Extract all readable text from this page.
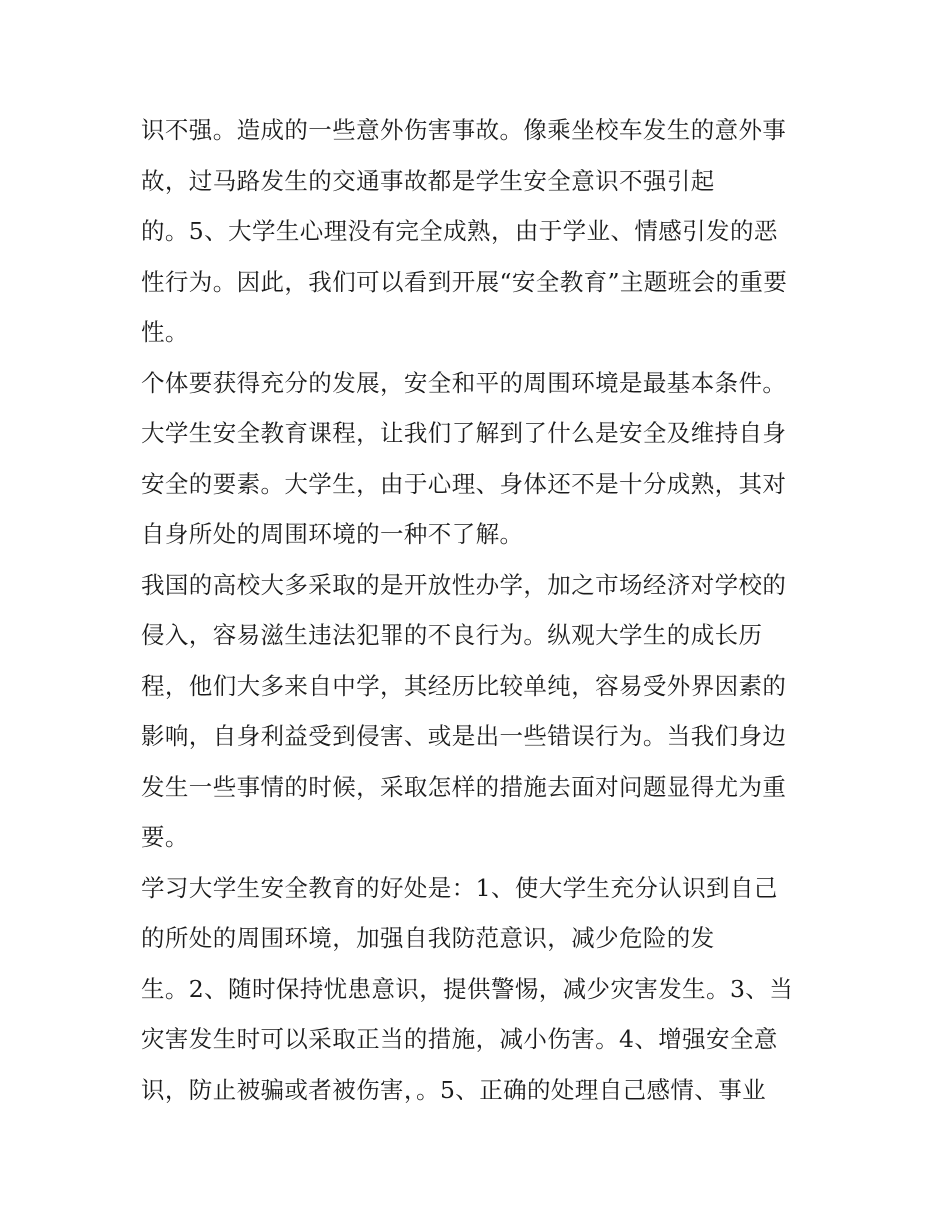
识不强。造成的一些意外伤害事故。像乘坐校车发生的意外事
故，过马路发生的交通事故都是学生安全意识不强引起
的。5、大学生心理没有完全成熟，由于学业、情感引发的恶
性行为。因此，我们可以看到开展“安全教育”主题班会的重要
性。
个体要获得充分的发展，安全和平的周围环境是最基本条件。
大学生安全教育课程，让我们了解到了什么是安全及维持自身
安全的要素。大学生，由于心理、身体还不是十分成熟，其对
自身所处的周围环境的一种不了解。
我国的高校大多采取的是开放性办学，加之市场经济对学校的
侵入，容易滋生违法犯罪的不良行为。纵观大学生的成长历
程，他们大多来自中学，其经历比较单纯，容易受外界因素的
影响，自身利益受到侵害、或是出一些错误行为。当我们身边
发生一些事情的时候，采取怎样的措施去面对问题显得尤为重
要。
学习大学生安全教育的好处是：1、使大学生充分认识到自己
的所处的周围环境，加强自我防范意识，减少危险的发
生。2、随时保持忧患意识，提供警惕，减少灾害发生。3、当
灾害发生时可以采取正当的措施，减小伤害。4、增强安全意
识，防止被骗或者被伤害，。5、正确的处理自己感情、事业
